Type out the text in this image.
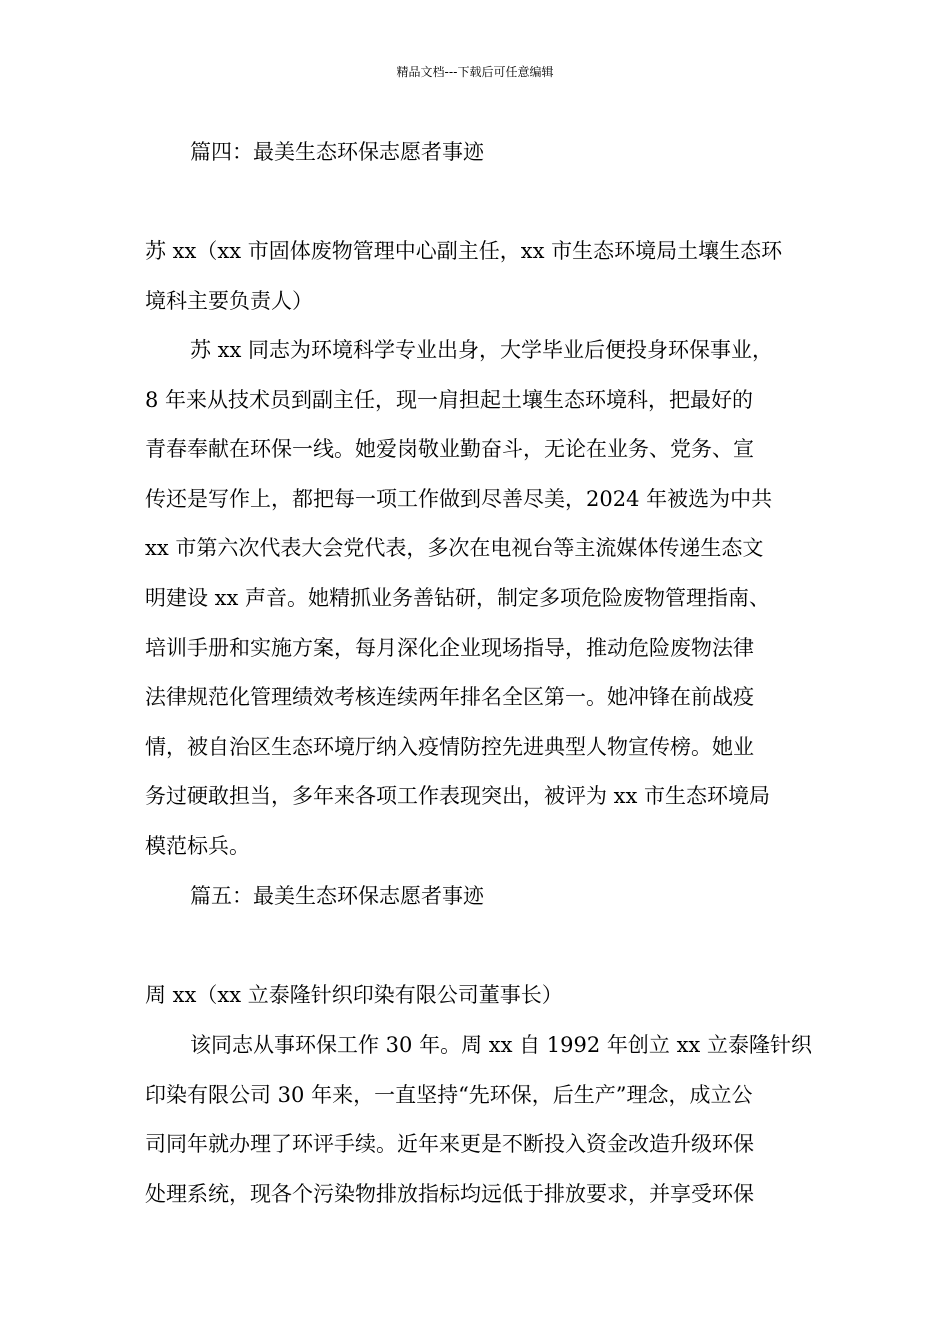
精品文档---下载后可任意编辑
篇四：最美生态环保志愿者事迹
苏 xx（xx 市固体废物管理中心副主任，xx 市生态环境局土壤生态环
境科主要负责人）
苏 xx 同志为环境科学专业出身，大学毕业后便投身环保事业，
8 年来从技术员到副主任，现一肩担起土壤生态环境科，把最好的
青春奉献在环保一线。她爱岗敬业勤奋斗，无论在业务、党务、宣
传还是写作上，都把每一项工作做到尽善尽美，2024 年被选为中共
xx 市第六次代表大会党代表，多次在电视台等主流媒体传递生态文
明建设 xx 声音。她精抓业务善钻研，制定多项危险废物管理指南、
培训手册和实施方案，每月深化企业现场指导，推动危险废物法律
法律规范化管理绩效考核连续两年排名全区第一。她冲锋在前战疫
情，被自治区生态环境厅纳入疫情防控先进典型人物宣传榜。她业
务过硬敢担当，多年来各项工作表现突出，被评为 xx 市生态环境局
模范标兵。
篇五：最美生态环保志愿者事迹
周 xx（xx 立泰隆针织印染有限公司董事长）
该同志从事环保工作 30 年。周 xx 自 1992 年创立 xx 立泰隆针织
印染有限公司 30 年来，一直坚持“先环保，后生产”理念，成立公
司同年就办理了环评手续。近年来更是不断投入资金改造升级环保
处理系统，现各个污染物排放指标均远低于排放要求，并享受环保
